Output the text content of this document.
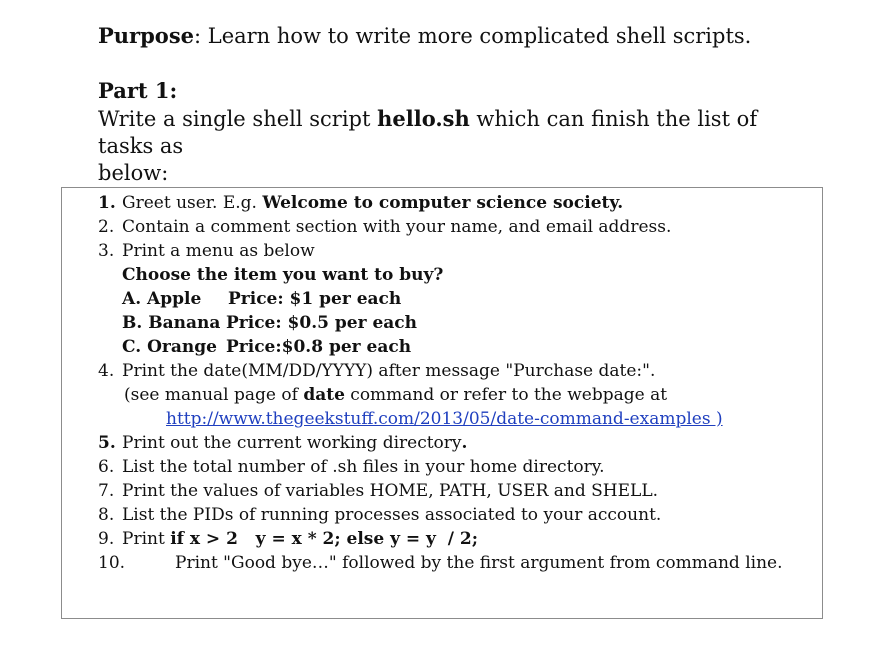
Purpose: Learn how to write more complicated shell scripts.

Part 1:

Write a single shell script hello.sh which can finish the list of tasks as

below:

1. Greet user. E.g. Welcome to computer science society.
2. Contain a comment section with your name, and email address.
3. Print a menu as below
Choose the item you want to buy?
A. Apple Price: $1 per each
B. Banana Price: $0.5 per each
C. Orange Price:$0.8 per each
4. Print the date(MM/DD/YYYY) after message "Purchase date:".
(see manual page of date command or refer to the webpage at
http://www.thegeekstuff.com/2013/05/date-command-examples )
5. Print out the current working directory.
6. List the total number of .sh files in your home directory.
7. Print the values of variables HOME, PATH, USER and SHELL.
8. List the PIDs of running processes associated to your account.
9. Print if x > 2   y = x * 2; else y = y  / 2;
10.	Print "Good bye…" followed by the first argument from command line.
